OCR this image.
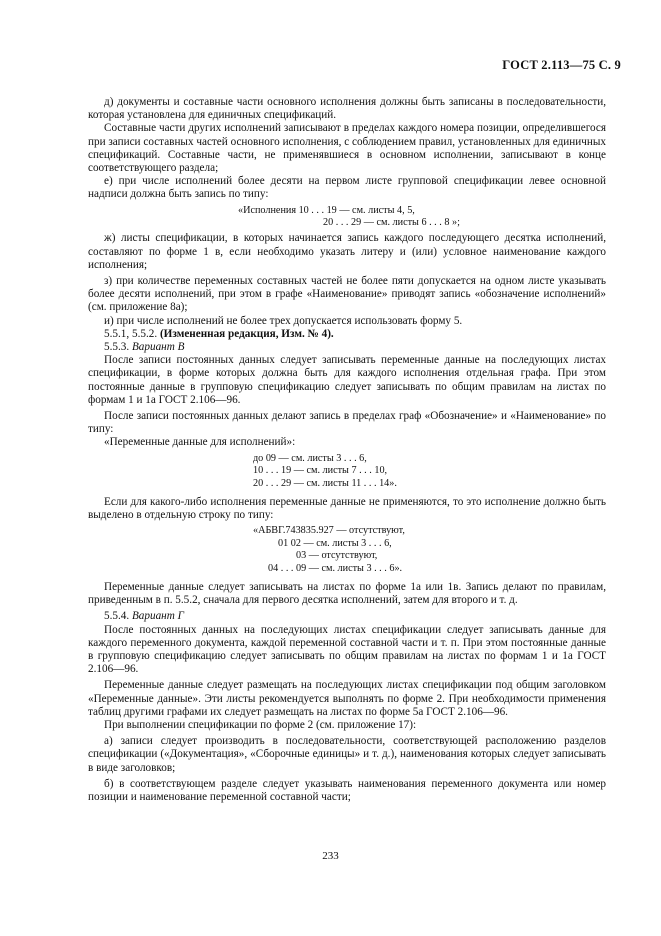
ГОСТ 2.113—75 С. 9

д) документы и составные части основного исполнения должны быть записаны в последовательности, которая установлена для единичных спецификаций.

Составные части других исполнений записывают в пределах каждого номера позиции, определившегося при записи составных частей основного исполнения, с соблюдением правил, установленных для единичных спецификаций. Составные части, не применявшиеся в основном исполнении, записывают в конце соответствующего раздела;

е) при числе исполнений более десяти на первом листе групповой спецификации левее основной надписи должна быть запись по типу:

«Исполнения 10 . . . 19 — см. листы 4, 5,
20 . . . 29 — см. листы 6 . . . 8 »;

ж) листы спецификации, в которых начинается запись каждого последующего десятка исполнений, составляют по форме 1 в, если необходимо указать литеру и (или) условное наименование каждого исполнения;

з) при количестве переменных составных частей не более пяти допускается на одном листе указывать более десяти исполнений, при этом в графе «Наименование» приводят запись «обозначение исполнений» (см. приложение 8а);

и) при числе исполнений не более трех допускается использовать форму 5.

5.5.1, 5.5.2. (Измененная редакция, Изм. № 4).

5.5.3. Вариант В

После записи постоянных данных следует записывать переменные данные на последующих листах спецификации, в форме которых должна быть для каждого исполнения отдельная графа. При этом постоянные данные в групповую спецификацию следует записывать по общим правилам на листах по формам 1 и 1а ГОСТ 2.106—96.

После записи постоянных данных делают запись в пределах граф «Обозначение» и «Наименование» по типу:

«Переменные данные для исполнений»:

до 09 — см. листы 3 . . . 6,
10 . . . 19 — см. листы 7 . . . 10,
20 . . . 29 — см. листы 11 . . . 14».

Если для какого-либо исполнения переменные данные не применяются, то это исполнение должно быть выделено в отдельную строку по типу:

«АБВГ.743835.927 — отсутствуют,
01 02 — см. листы 3 . . . 6,
03 — отсутствуют,
04 . . . 09 — см. листы 3 . . . 6».

Переменные данные следует записывать на листах по форме 1а или 1в. Запись делают по правилам, приведенным в п. 5.5.2, сначала для первого десятка исполнений, затем для второго и т. д.

5.5.4. Вариант Г

После постоянных данных на последующих листах спецификации следует записывать данные для каждого переменного документа, каждой переменной составной части и т. п. При этом постоянные данные в групповую спецификацию следует записывать по общим правилам на листах по формам 1 и 1а ГОСТ 2.106—96.

Переменные данные следует размещать на последующих листах спецификации под общим заголовком «Переменные данные». Эти листы рекомендуется выполнять по форме 2. При необходимости применения таблиц другими графами их следует размещать на листах по форме 5а ГОСТ 2.106—96.

При выполнении спецификации по форме 2 (см. приложение 17):

а) записи следует производить в последовательности, соответствующей расположению разделов спецификации («Документация», «Сборочные единицы» и т. д.), наименования которых следует записывать в виде заголовков;

б) в соответствующем разделе следует указывать наименования переменного документа или номер позиции и наименование переменной составной части;

233
